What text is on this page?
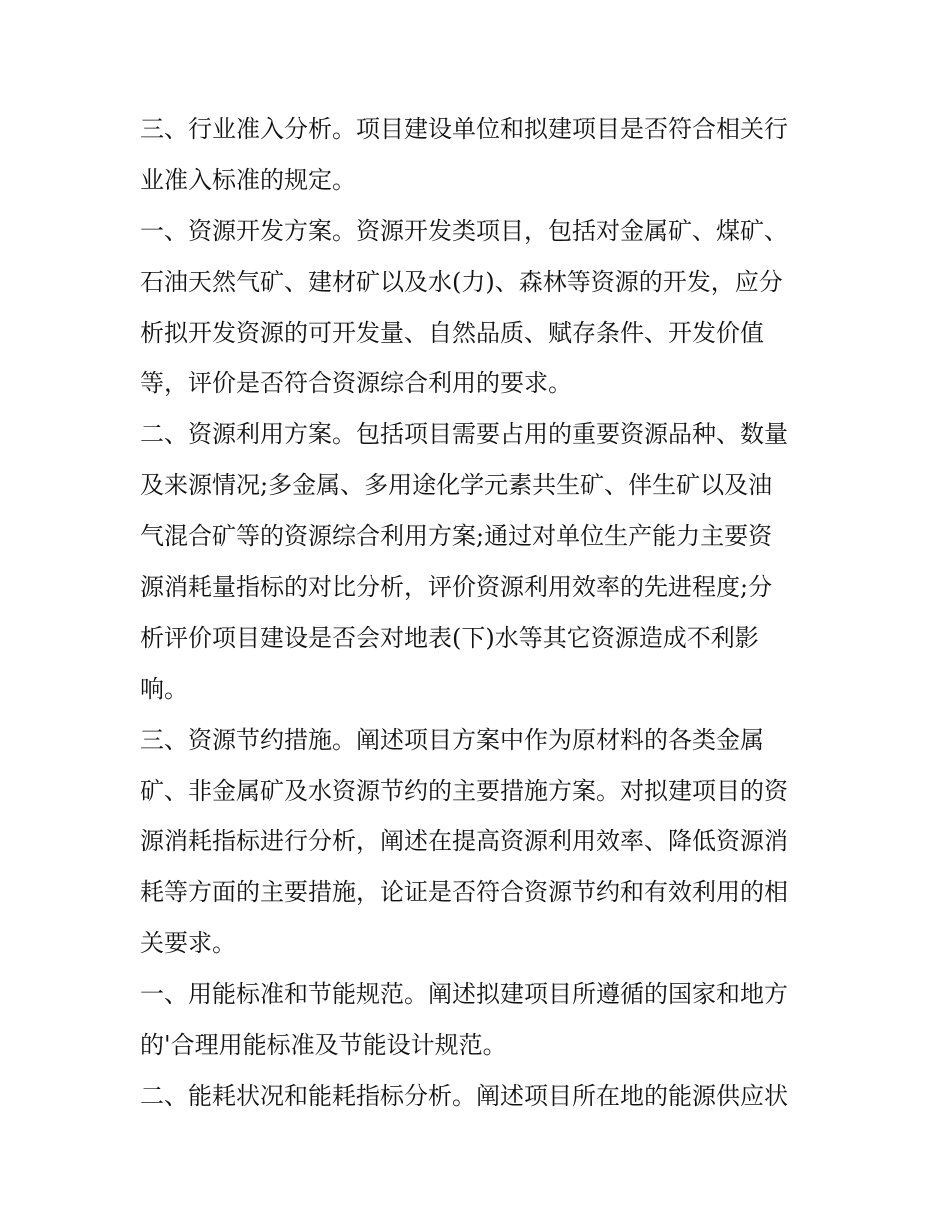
三、行业准入分析。项目建设单位和拟建项目是否符合相关行
业准入标准的规定。
一、资源开发方案。资源开发类项目，包括对金属矿、煤矿、
石油天然气矿、建材矿以及水(力)、森林等资源的开发，应分
析拟开发资源的可开发量、自然品质、赋存条件、开发价值
等，评价是否符合资源综合利用的要求。
二、资源利用方案。包括项目需要占用的重要资源品种、数量
及来源情况;多金属、多用途化学元素共生矿、伴生矿以及油
气混合矿等的资源综合利用方案;通过对单位生产能力主要资
源消耗量指标的对比分析，评价资源利用效率的先进程度;分
析评价项目建设是否会对地表(下)水等其它资源造成不利影
响。
三、资源节约措施。阐述项目方案中作为原材料的各类金属
矿、非金属矿及水资源节约的主要措施方案。对拟建项目的资
源消耗指标进行分析，阐述在提高资源利用效率、降低资源消
耗等方面的主要措施，论证是否符合资源节约和有效利用的相
关要求。
一、用能标准和节能规范。阐述拟建项目所遵循的国家和地方
的'合理用能标准及节能设计规范。
二、能耗状况和能耗指标分析。阐述项目所在地的能源供应状
